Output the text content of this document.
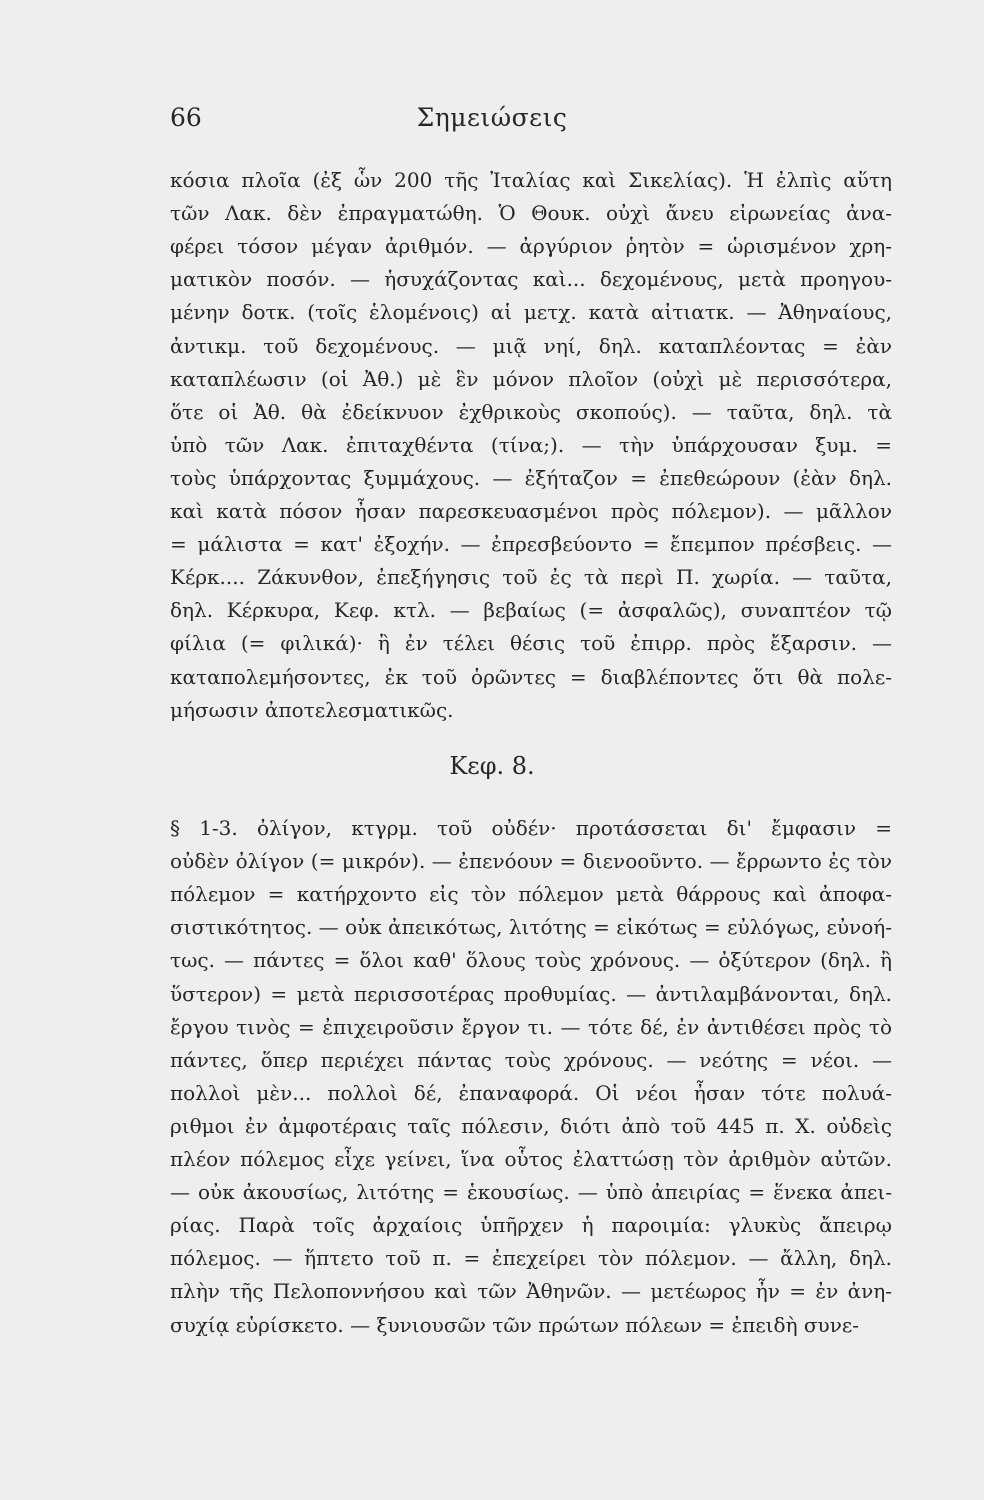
66	Σημειώσεις
κόσια πλοῖα (ἐξ ὧν 200 τῆς Ἰταλίας καὶ Σικελίας). Ἡ ἐλπὶς αὕτη
τῶν Λακ. δὲν ἐπραγματώθη. Ὁ Θουκ. οὐχὶ ἄνευ εἰρωνείας ἀνα-
φέρει τόσον μέγαν ἀριθμόν. — ἀργύριον ῥητὸν = ὡρισμένον χρη-
ματικὸν ποσόν. — ἡσυχάζοντας καὶ... δεχομένους, μετὰ προηγου-
μένην δοτκ. (τοῖς ἑλομένοις) αἱ μετχ. κατὰ αἰτιατκ. — Ἀθηναίους,
ἀντικμ. τοῦ δεχομένους. — μιᾷ νηί, δηλ. καταπλέοντας = ἐὰν
καταπλέωσιν (οἱ Ἀθ.) μὲ ἓν μόνον πλοῖον (οὐχὶ μὲ περισσότερα,
ὅτε οἱ Ἀθ. θὰ ἐδείκνυον ἐχθρικοὺς σκοπούς). — ταῦτα, δηλ. τὰ
ὑπὸ τῶν Λακ. ἐπιταχθέντα (τίνα;). — τὴν ὑπάρχουσαν ξυμ. =
τοὺς ὑπάρχοντας ξυμμάχους. — ἐξήταζον = ἐπεθεώρουν (ἐὰν δηλ.
καὶ κατὰ πόσον ἦσαν παρεσκευασμένοι πρὸς πόλεμον). — μᾶλλον
= μάλιστα = κατ' ἐξοχήν. — ἐπρεσβεύοντο = ἔπεμπον πρέσβεις. —
Κέρκ.... Ζάκυνθον, ἐπεξήγησις τοῦ ἐς τὰ περὶ Π. χωρία. — ταῦτα,
δηλ. Κέρκυρα, Κεφ. κτλ. — βεβαίως (= ἀσφαλῶς), συναπτέον τῷ
φίλια (= φιλικά)· ἢ ἐν τέλει θέσις τοῦ ἐπιρρ. πρὸς ἔξαρσιν. —
καταπολεμήσοντες, ἐκ τοῦ ὁρῶντες = διαβλέποντες ὅτι θὰ πολε-
μήσωσιν ἀποτελεσματικῶς.
Κεφ. 8.
§ 1-3. ὀλίγον, κτγρμ. τοῦ οὐδέν· προτάσσεται δι' ἔμφασιν =
οὐδὲν ὀλίγον (= μικρόν). — ἐπενόουν = διενοοῦντο. — ἔρρωντο ἐς τὸν
πόλεμον = κατήρχοντο εἰς τὸν πόλεμον μετὰ θάρρους καὶ ἀποφα-
σιστικότητος. — οὐκ ἀπεικότως, λιτότης = εἰκότως = εὐλόγως, εὐνοή-
τως. — πάντες = ὅλοι καθ' ὅλους τοὺς χρόνους. — ὀξύτερον (δηλ. ἢ
ὕστερον) = μετὰ περισσοτέρας προθυμίας. — ἀντιλαμβάνονται, δηλ.
ἔργου τινὸς = ἐπιχειροῦσιν ἔργον τι. — τότε δέ, ἐν ἀντιθέσει πρὸς τὸ
πάντες, ὅπερ περιέχει πάντας τοὺς χρόνους. — νεότης = νέοι. —
πολλοὶ μὲν... πολλοὶ δέ, ἐπαναφορά. Οἱ νέοι ἦσαν τότε πολυά-
ριθμοι ἐν ἀμφοτέραις ταῖς πόλεσιν, διότι ἀπὸ τοῦ 445 π. Χ. οὐδεὶς
πλέον πόλεμος εἶχε γείνει, ἵνα οὗτος ἐλαττώσῃ τὸν ἀριθμὸν αὐτῶν.
— οὐκ ἀκουσίως, λιτότης = ἑκουσίως. — ὑπὸ ἀπειρίας = ἕνεκα ἀπει-
ρίας. Παρὰ τοῖς ἀρχαίοις ὑπῆρχεν ἡ παροιμία: γλυκὺς ἄπειρῳ
πόλεμος. — ἥπτετο τοῦ π. = ἐπεχείρει τὸν πόλεμον. — ἄλλη, δηλ.
πλὴν τῆς Πελοποννήσου καὶ τῶν Ἀθηνῶν. — μετέωρος ἦν = ἐν ἀνη-
συχίᾳ εὑρίσκετο. — ξυνιουσῶν τῶν πρώτων πόλεων = ἐπειδὴ συνε-
